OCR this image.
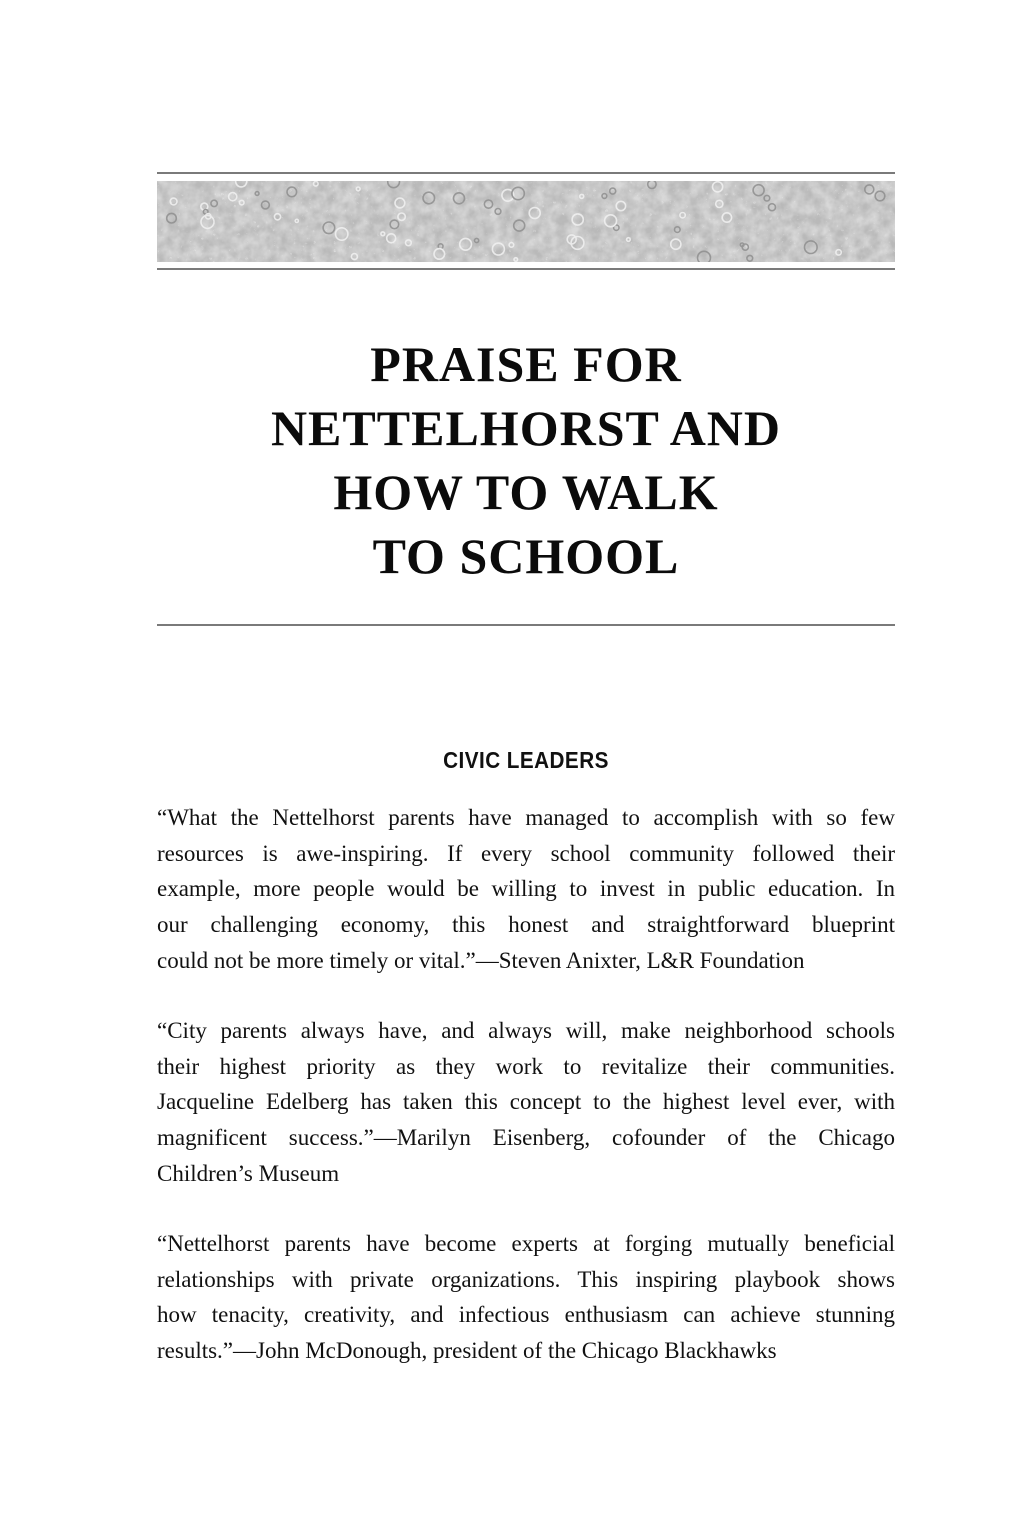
PRAISE FOR
NETTELHORST AND
HOW TO WALK
TO SCHOOL
CIVIC LEADERS
“What the Nettelhorst parents have managed to accomplish with so few
resources is awe-inspiring. If every school community followed their
example, more people would be willing to invest in public education. In
our challenging economy, this honest and straightforward blueprint
could not be more timely or vital.”—Steven Anixter, L&R Foundation
“City parents always have, and always will, make neighborhood schools
their highest priority as they work to revitalize their communities.
Jacqueline Edelberg has taken this concept to the highest level ever, with
magnificent success.”—Marilyn Eisenberg, cofounder of the Chicago
Children’s Museum
“Nettelhorst parents have become experts at forging mutually beneficial
relationships with private organizations. This inspiring playbook shows
how tenacity, creativity, and infectious enthusiasm can achieve stunning
results.”—John McDonough, president of the Chicago Blackhawks
